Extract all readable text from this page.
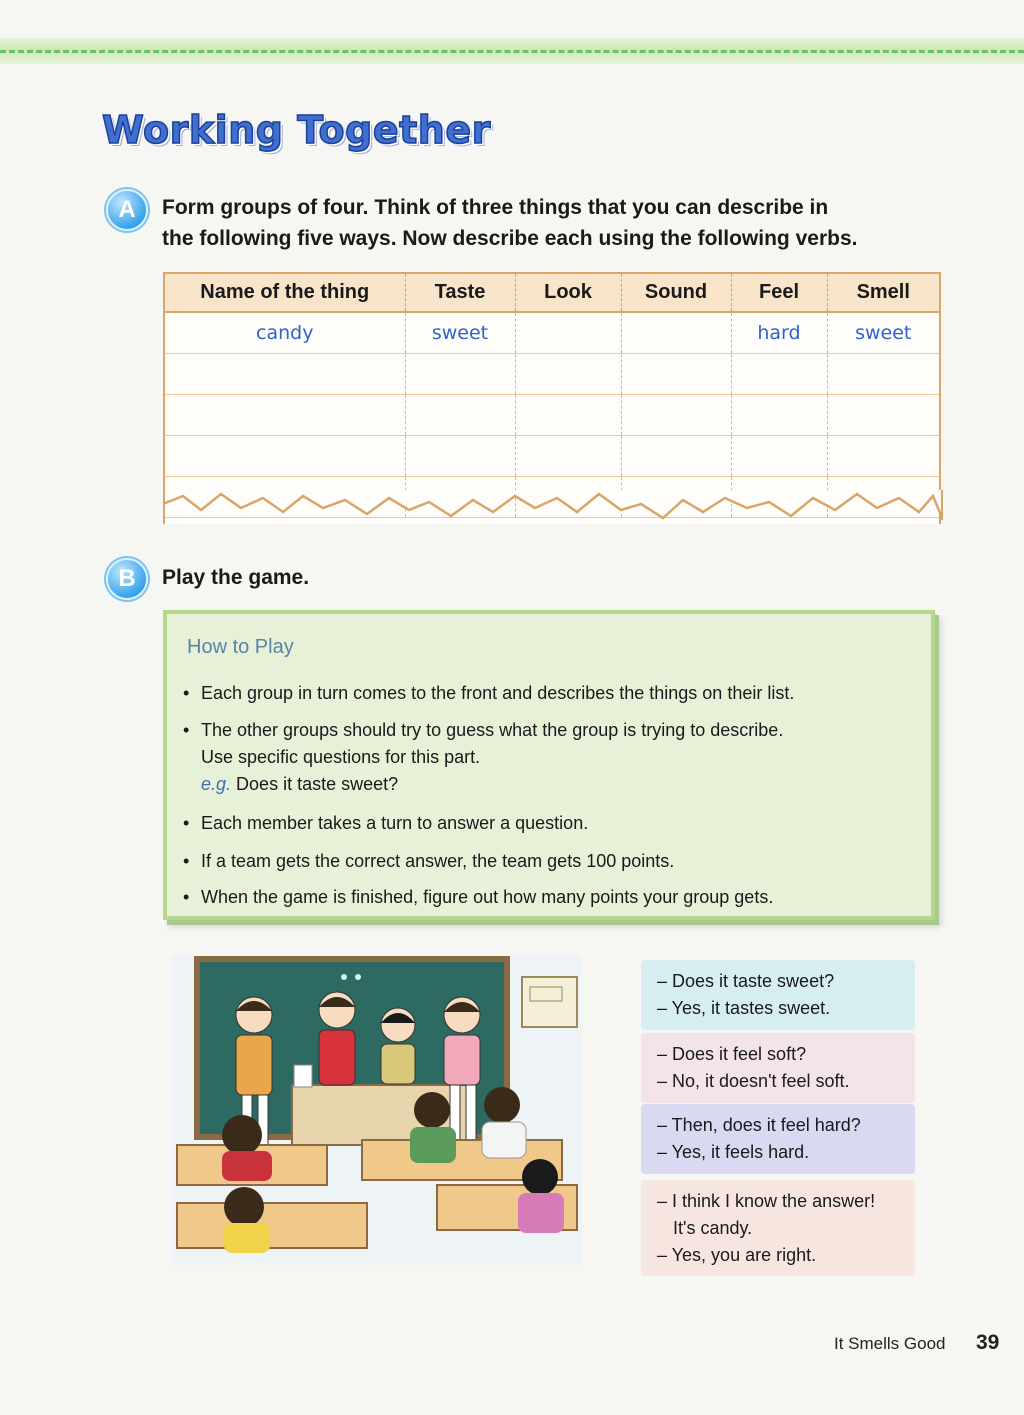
Working Together
A	Form groups of four. Think of three things that you can describe in
the following five ways. Now describe each using the following verbs.
Name of the thing	Taste	Look	Sound	Feel	Smell
candy	sweet			hard	sweet

B	Play the game.
How to Play
• Each group in turn comes to the front and describes the things on their list.
• The other groups should try to guess what the group is trying to describe.
Use specific questions for this part.
e.g. Does it taste sweet?
• Each member takes a turn to answer a question.
• If a team gets the correct answer, the team gets 100 points.
• When the game is finished, figure out how many points your group gets.
– Does it taste sweet?
– Yes, it tastes sweet.
– Does it feel soft?
– No, it doesn't feel soft.
– Then, does it feel hard?
– Yes, it feels hard.
– I think I know the answer!
It's candy.
– Yes, you are right.
It Smells Good 39
